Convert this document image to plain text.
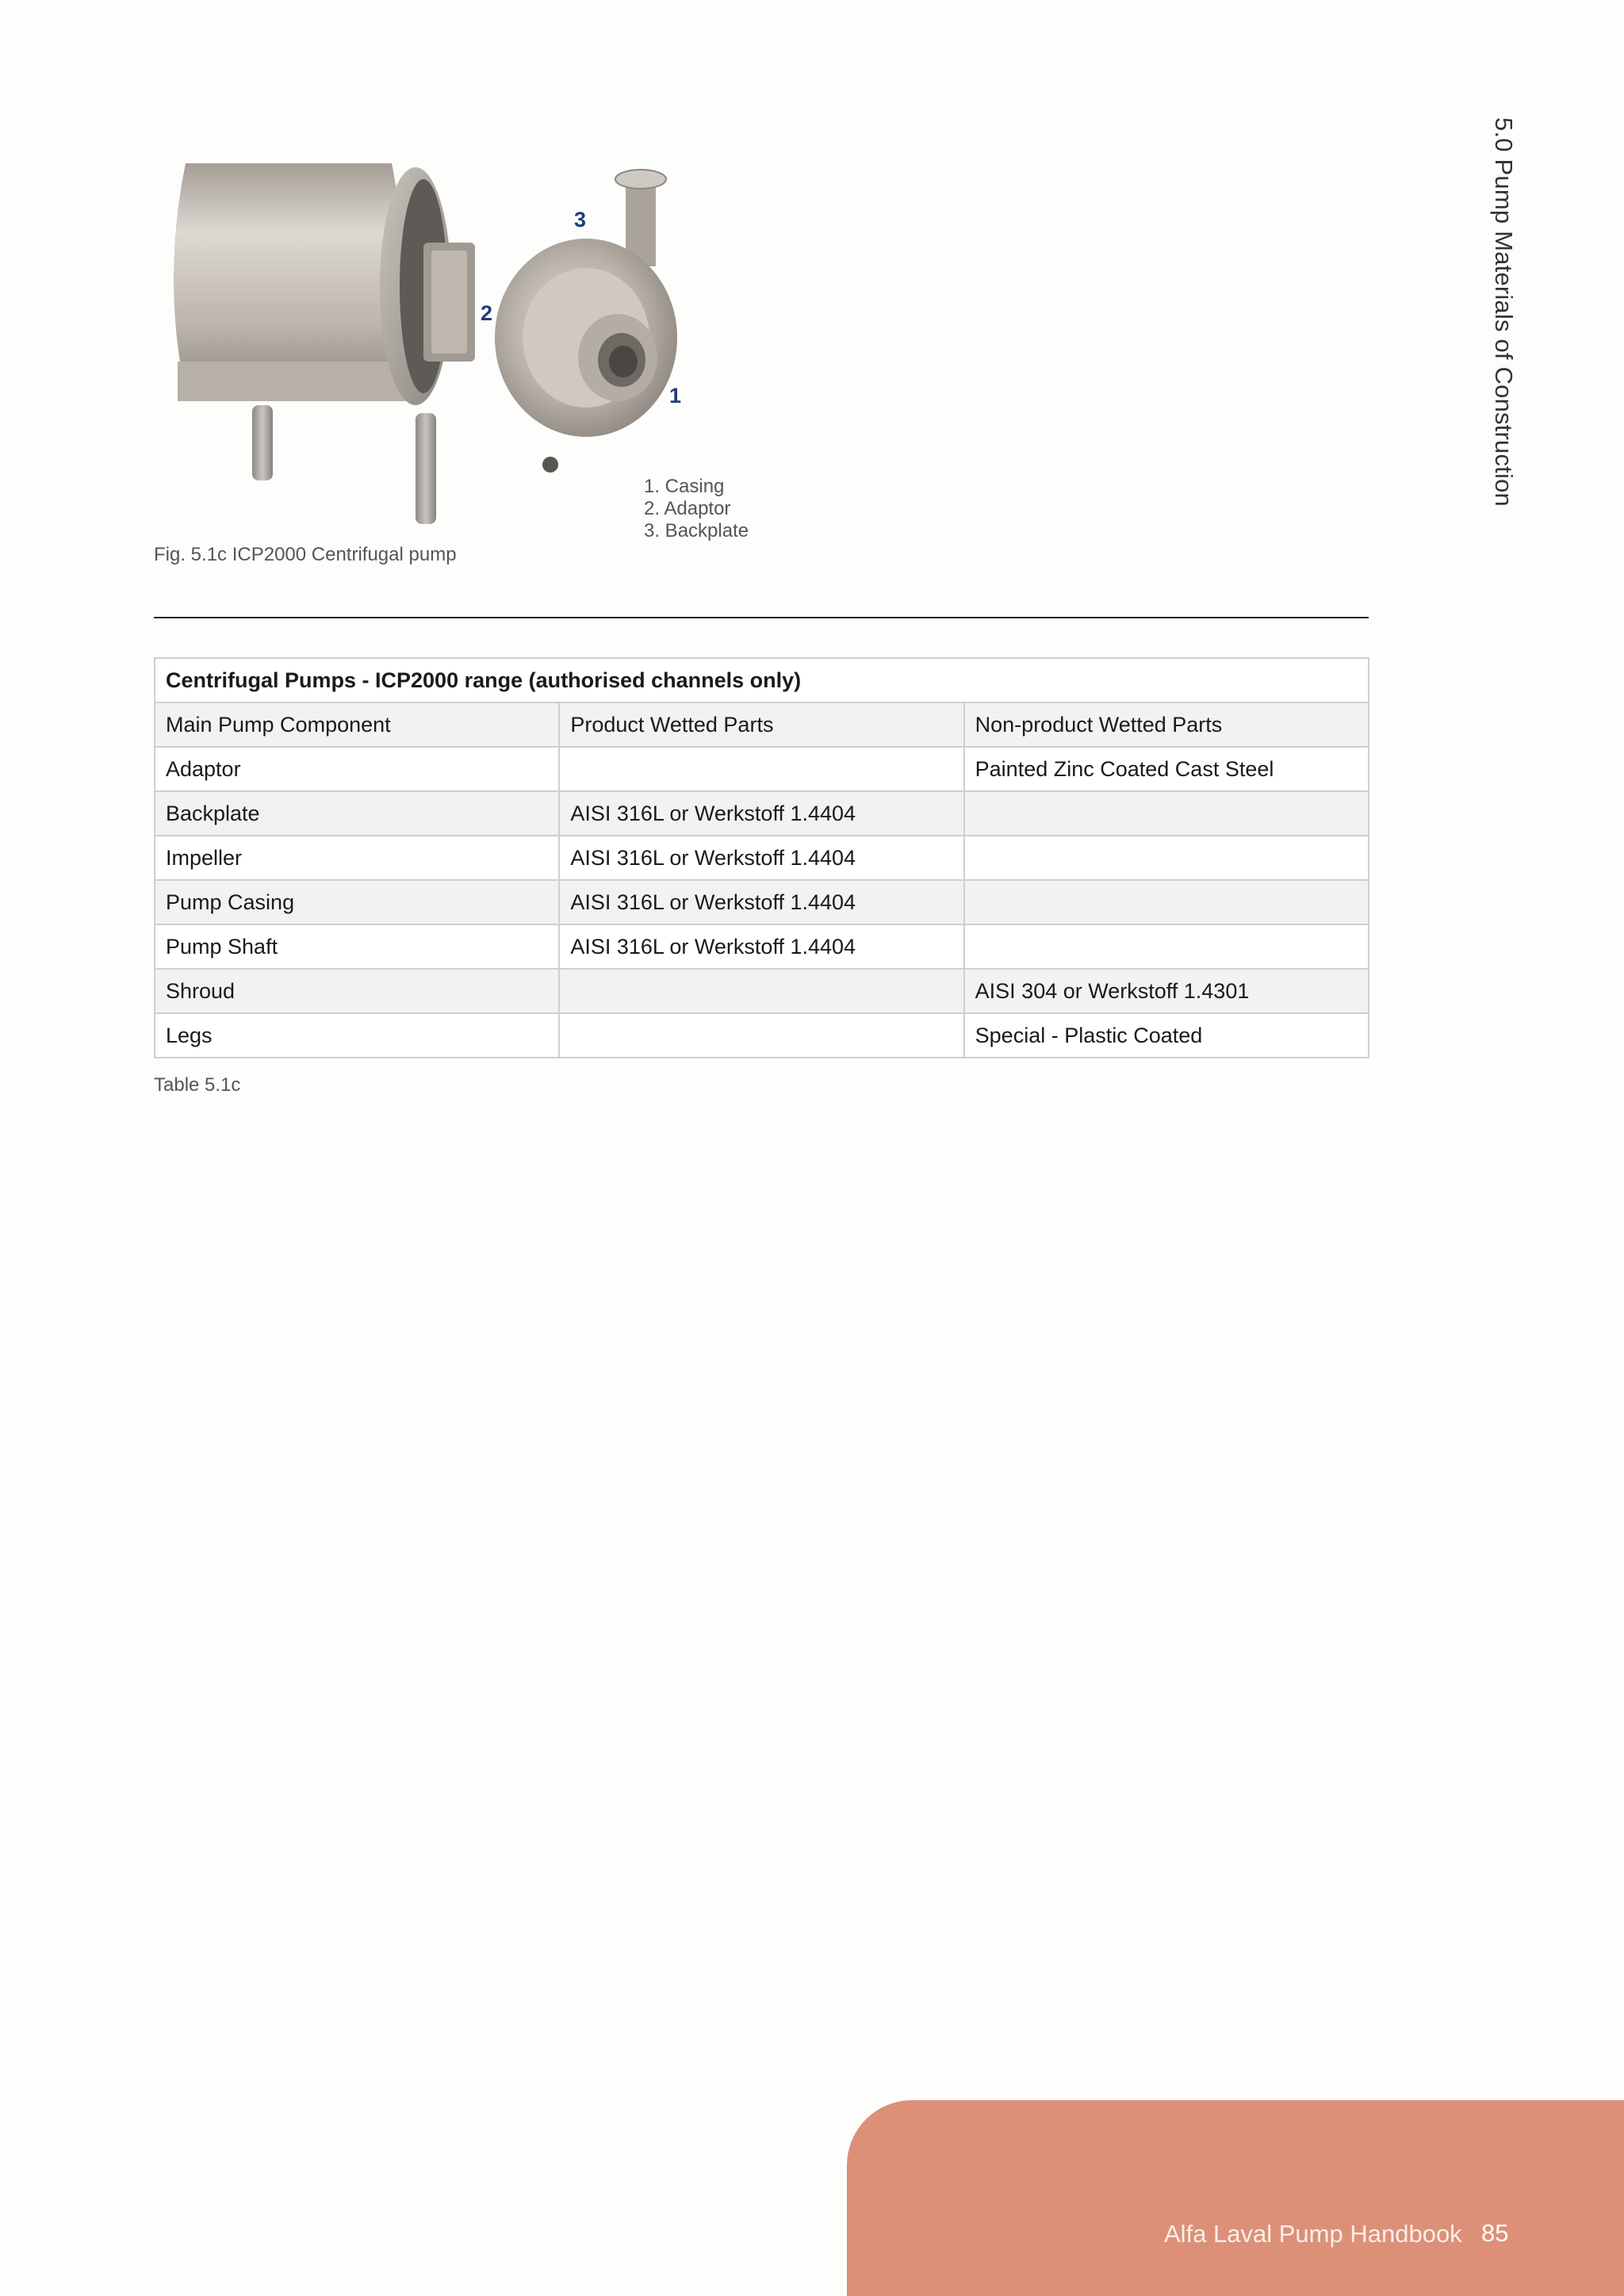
5.0 Pump Materials of Construction
3
2
1
1. Casing
2. Adaptor
3. Backplate
Fig. 5.1c ICP2000 Centrifugal pump
Centrifugal Pumps - ICP2000 range (authorised channels only)		
Main Pump Component	Product Wetted Parts	Non-product Wetted Parts
Adaptor		Painted Zinc Coated Cast Steel
Backplate	AISI 316L or Werkstoff 1.4404	
Impeller	AISI 316L or Werkstoff 1.4404	
Pump Casing	AISI 316L or Werkstoff 1.4404	
Pump Shaft	AISI 316L or Werkstoff 1.4404	
Shroud		AISI 304 or Werkstoff 1.4301
Legs		Special - Plastic Coated
Table 5.1c
Alfa Laval Pump Handbook 85
